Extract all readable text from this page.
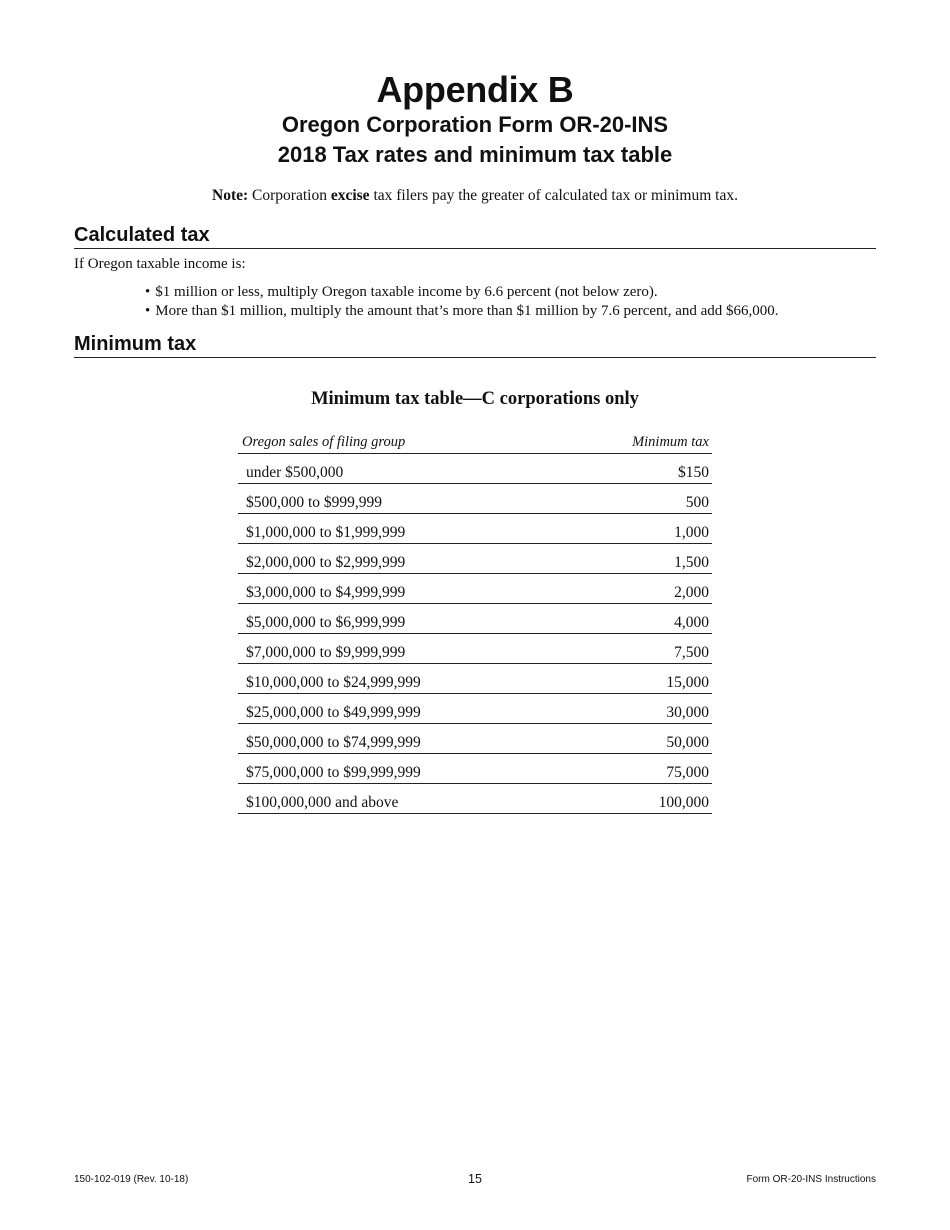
Appendix B
Oregon Corporation Form OR-20-INS
2018 Tax rates and minimum tax table
Note: Corporation excise tax filers pay the greater of calculated tax or minimum tax.
Calculated tax
If Oregon taxable income is:
• $1 million or less, multiply Oregon taxable income by 6.6 percent (not below zero).
• More than $1 million, multiply the amount that’s more than $1 million by 7.6 percent, and add $66,000.
Minimum tax
Minimum tax table—C corporations only
Oregon sales of filing group	Minimum tax
under $500,000	$150
$500,000 to $999,999	500
$1,000,000 to $1,999,999	1,000
$2,000,000 to $2,999,999	1,500
$3,000,000 to $4,999,999	2,000
$5,000,000 to $6,999,999	4,000
$7,000,000 to $9,999,999	7,500
$10,000,000 to $24,999,999	15,000
$25,000,000 to $49,999,999	30,000
$50,000,000 to $74,999,999	50,000
$75,000,000 to $99,999,999	75,000
$100,000,000 and above	100,000
150-102-019 (Rev. 10-18)	15	Form OR-20-INS Instructions
